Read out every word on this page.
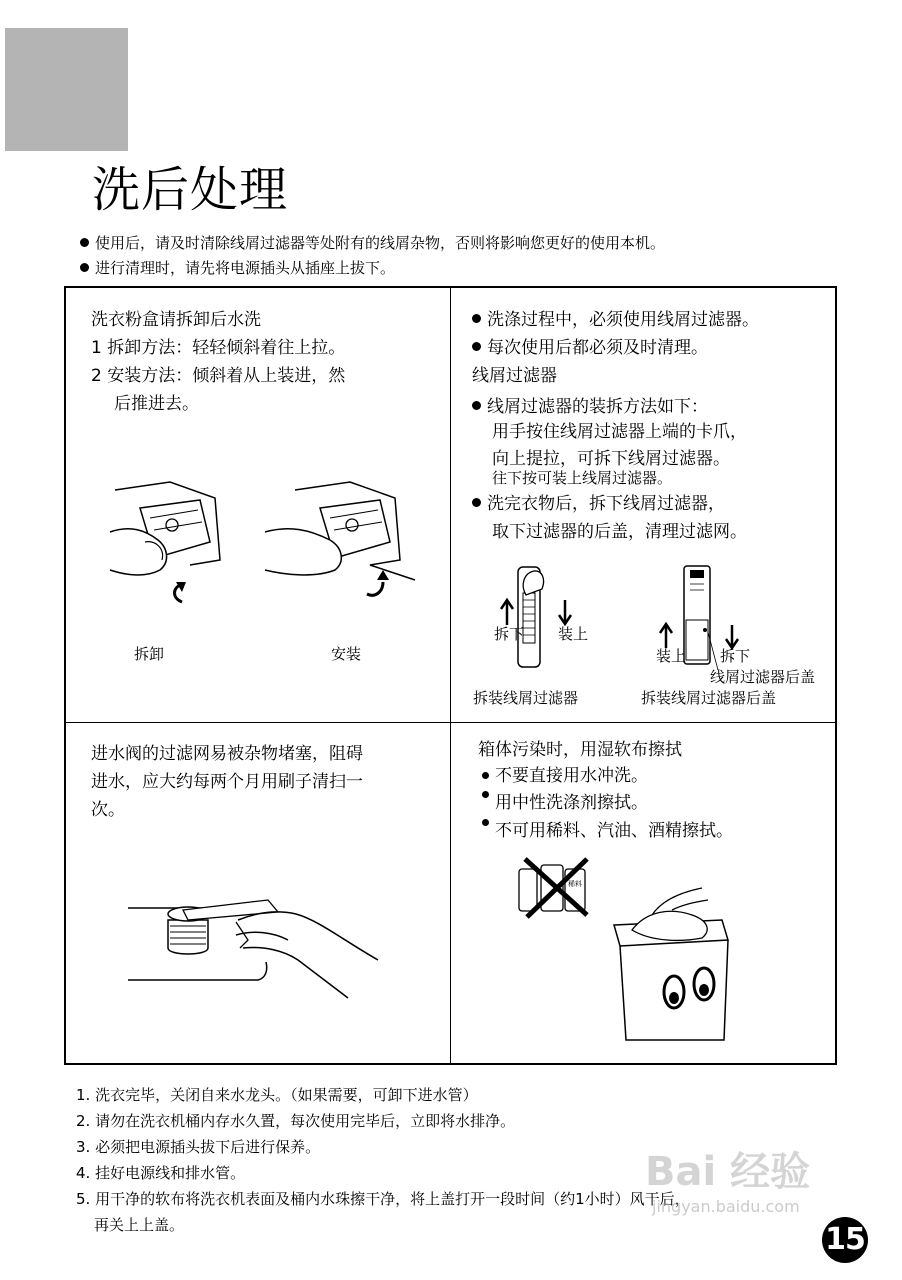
洗后处理
使用后，请及时清除线屑过滤器等处附有的线屑杂物，否则将影响您更好的使用本机。
进行清理时，请先将电源插头从插座上拔下。
洗衣粉盒请拆卸后水洗
1 拆卸方法：轻轻倾斜着往上拉。
2 安装方法：倾斜着从上装进，然
后推进去。
拆卸	安装
洗涤过程中，必须使用线屑过滤器。
每次使用后都必须及时清理。
线屑过滤器
线屑过滤器的装拆方法如下：
用手按住线屑过滤器上端的卡爪，
向上提拉，可拆下线屑过滤器。
往下按可装上线屑过滤器。
洗完衣物后，拆下线屑过滤器，
取下过滤器的后盖，清理过滤网。
拆下 装上
拆装线屑过滤器
装上 拆下
线屑过滤器后盖
拆装线屑过滤器后盖
进水阀的过滤网易被杂物堵塞，阻碍
进水，应大约每两个月用刷子清扫一
次。
箱体污染时，用湿软布擦拭
不要直接用水冲洗。
用中性洗涤剂擦拭。
不可用稀料、汽油、酒精擦拭。
稀料
1. 洗衣完毕，关闭自来水龙头。（如果需要，可卸下进水管）
2. 请勿在洗衣机桶内存水久置，每次使用完毕后，立即将水排净。
3. 必须把电源插头拔下后进行保养。
4. 挂好电源线和排水管。
5. 用干净的软布将洗衣机表面及桶内水珠擦干净，将上盖打开一段时间（约1小时）风干后，
再关上上盖。
Bai 经验
jingyan.baidu.com
15
